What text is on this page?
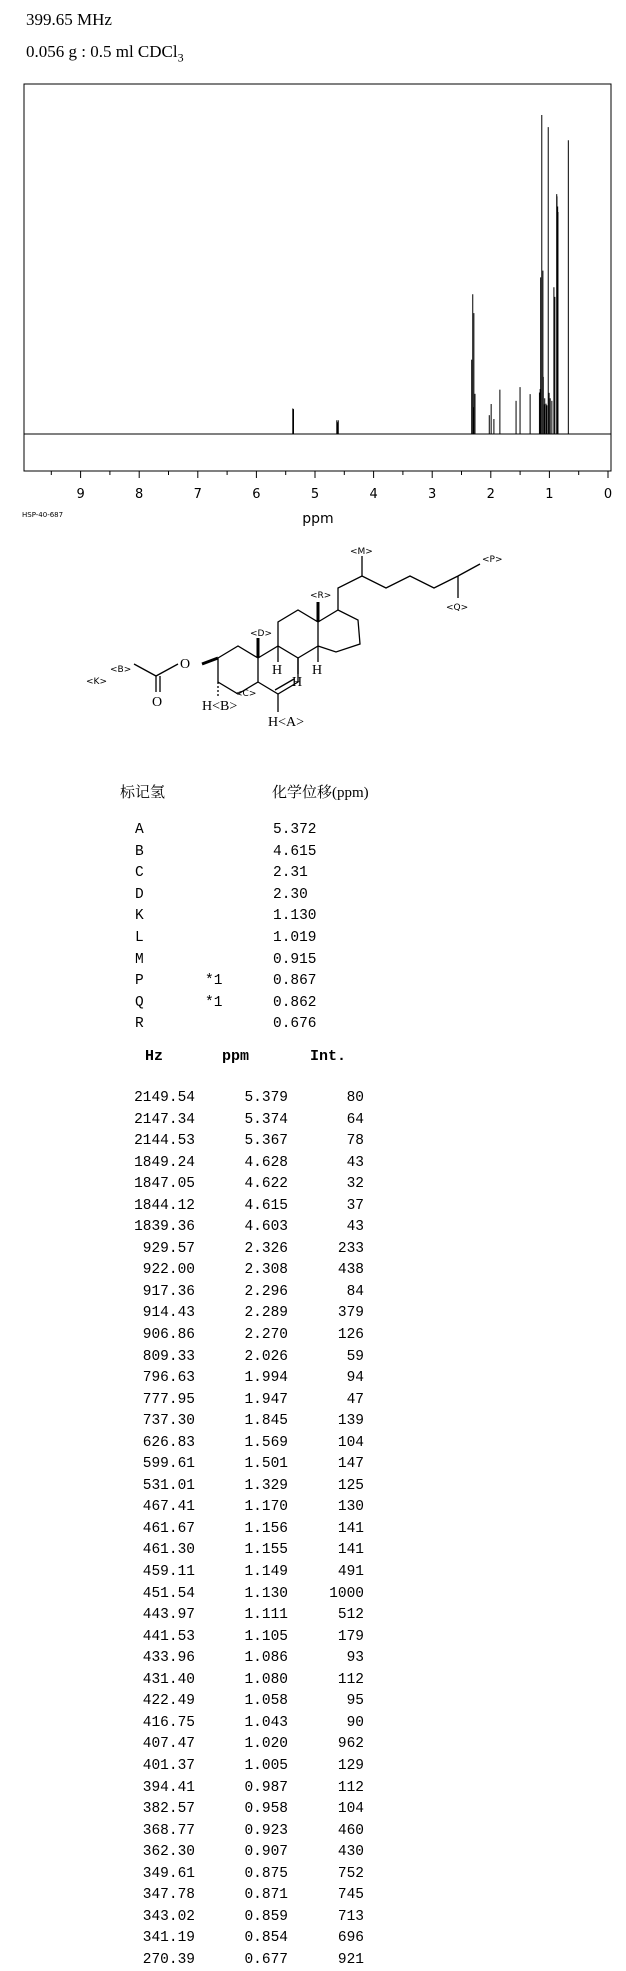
399.65 MHz
0.056 g : 0.5 ml CDCl$_3$
9	8	7	6	5	4	3	2	1	0
ppm
HSP-40-687
O
O	H<B>
H<A>
H
H H
<K>
<B>
<C>
<D>
<R>
<M>
<P>
<Q>
标记氢	化学位移(ppm)
A	5.372
B	4.615
C	2.31
D	2.30
K	1.130
L	1.019
M	0.915
P	*1	0.867
Q	*1	0.862
R	0.676
Hz	ppm	Int.
2149.54	5.379	80
2147.34	5.374	64
2144.53	5.367	78
1849.24	4.628	43
1847.05	4.622	32
1844.12	4.615	37
1839.36	4.603	43
929.57	2.326	233
922.00	2.308	438
917.36	2.296	84
914.43	2.289	379
906.86	2.270	126
809.33	2.026	59
796.63	1.994	94
777.95	1.947	47
737.30	1.845	139
626.83	1.569	104
599.61	1.501	147
531.01	1.329	125
467.41	1.170	130
461.67	1.156	141
461.30	1.155	141
459.11	1.149	491
451.54	1.130	1000
443.97	1.111	512
441.53	1.105	179
433.96	1.086	93
431.40	1.080	112
422.49	1.058	95
416.75	1.043	90
407.47	1.020	962
401.37	1.005	129
394.41	0.987	112
382.57	0.958	104
368.77	0.923	460
362.30	0.907	430
349.61	0.875	752
347.78	0.871	745
343.02	0.859	713
341.19	0.854	696
270.39	0.677	921
